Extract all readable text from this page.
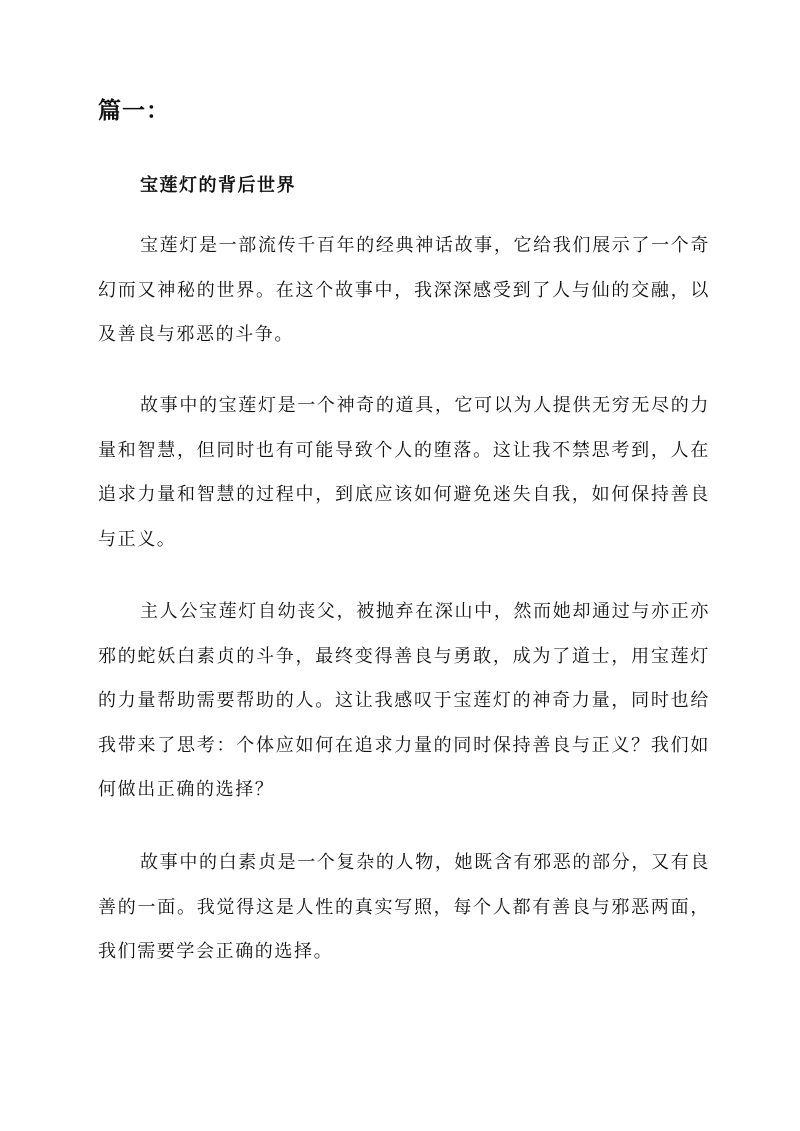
篇一：
宝莲灯的背后世界

宝莲灯是一部流传千百年的经典神话故事，它给我们展示了一个奇幻而又神秘的世界。在这个故事中，我深深感受到了人与仙的交融，以及善良与邪恶的斗争。

故事中的宝莲灯是一个神奇的道具，它可以为人提供无穷无尽的力量和智慧，但同时也有可能导致个人的堕落。这让我不禁思考到，人在追求力量和智慧的过程中，到底应该如何避免迷失自我，如何保持善良与正义。

主人公宝莲灯自幼丧父，被抛弃在深山中，然而她却通过与亦正亦邪的蛇妖白素贞的斗争，最终变得善良与勇敢，成为了道士，用宝莲灯的力量帮助需要帮助的人。这让我感叹于宝莲灯的神奇力量，同时也给我带来了思考：个体应如何在追求力量的同时保持善良与正义？我们如何做出正确的选择？

故事中的白素贞是一个复杂的人物，她既含有邪恶的部分，又有良善的一面。我觉得这是人性的真实写照，每个人都有善良与邪恶两面，我们需要学会正确的选择。
